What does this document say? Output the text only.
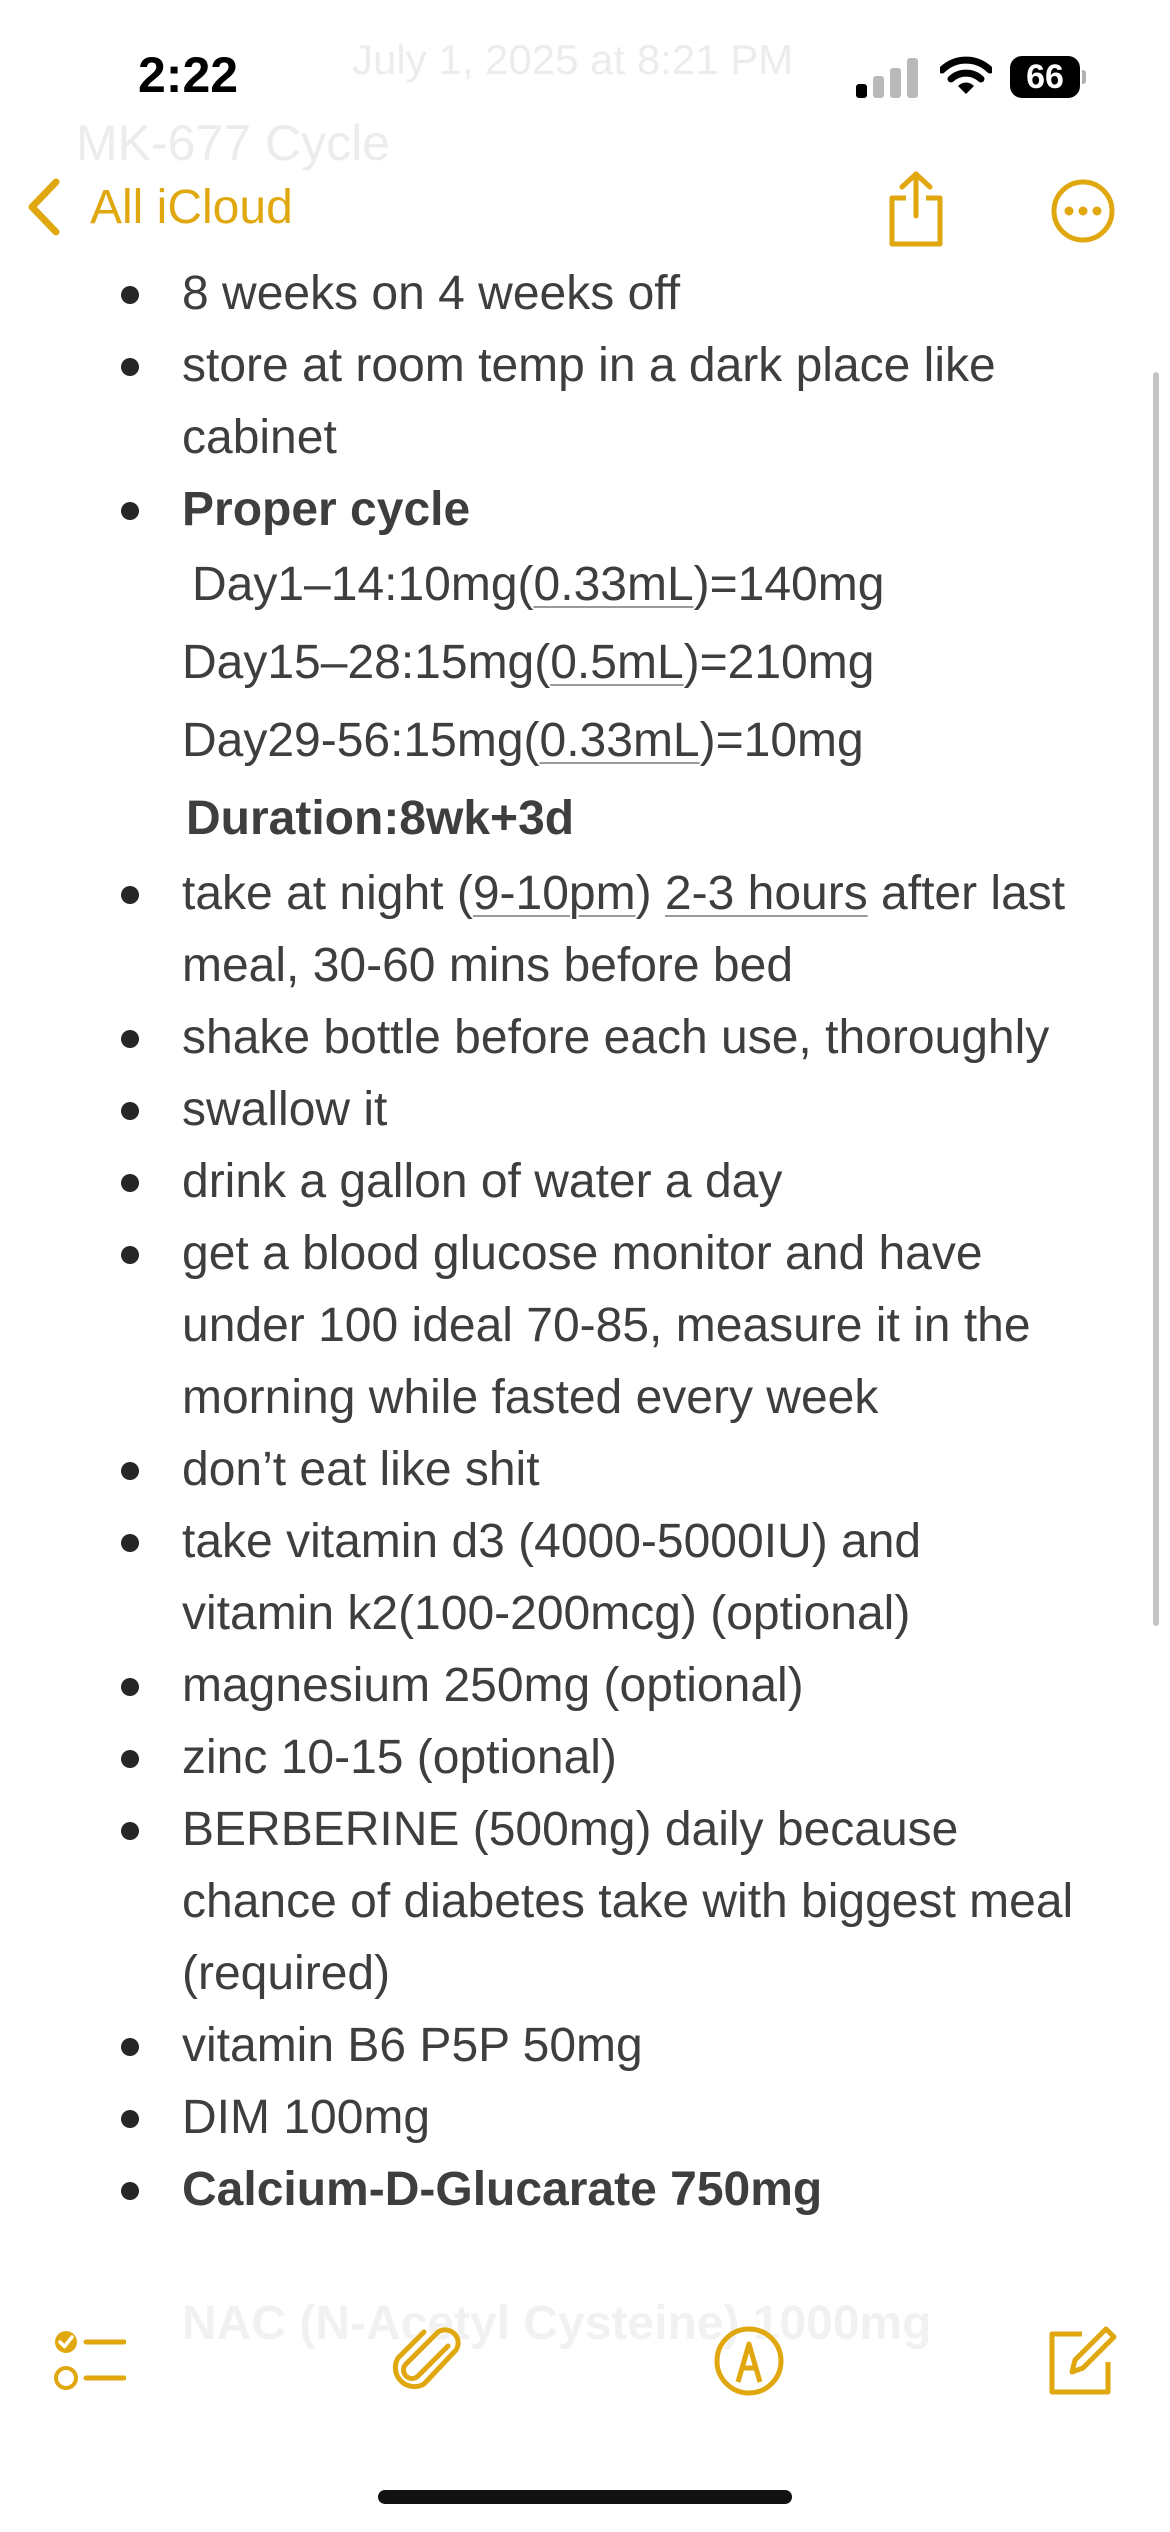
July 1, 2025 at 8:21 PM
MK-677 Cycle
2:22	66
All iCloud
8 weeks on 4 weeks off
store at room temp in a dark place like cabinet
Proper cycle
Day1–14:10mg(0.33mL)=140mg
Day15–28:15mg(0.5mL)=210mg
Day29-56:15mg(0.33mL)=10mg
Duration:8wk+3d
take at night (9-10pm) 2-3 hours after last meal, 30-60 mins before bed
shake bottle before each use, thoroughly
swallow it
drink a gallon of water a day
get a blood glucose monitor and have under 100 ideal 70-85, measure it in the morning while fasted every week
don’t eat like shit
take vitamin d3 (4000-5000IU) and vitamin k2(100-200mcg) (optional)
magnesium 250mg (optional)
zinc 10-15 (optional)
BERBERINE (500mg) daily because chance of diabetes take with biggest meal (required)
vitamin B6 P5P 50mg
DIM 100mg
Calcium-D-Glucarate 750mg
NAC (N-Acetyl Cysteine) 1000mg
